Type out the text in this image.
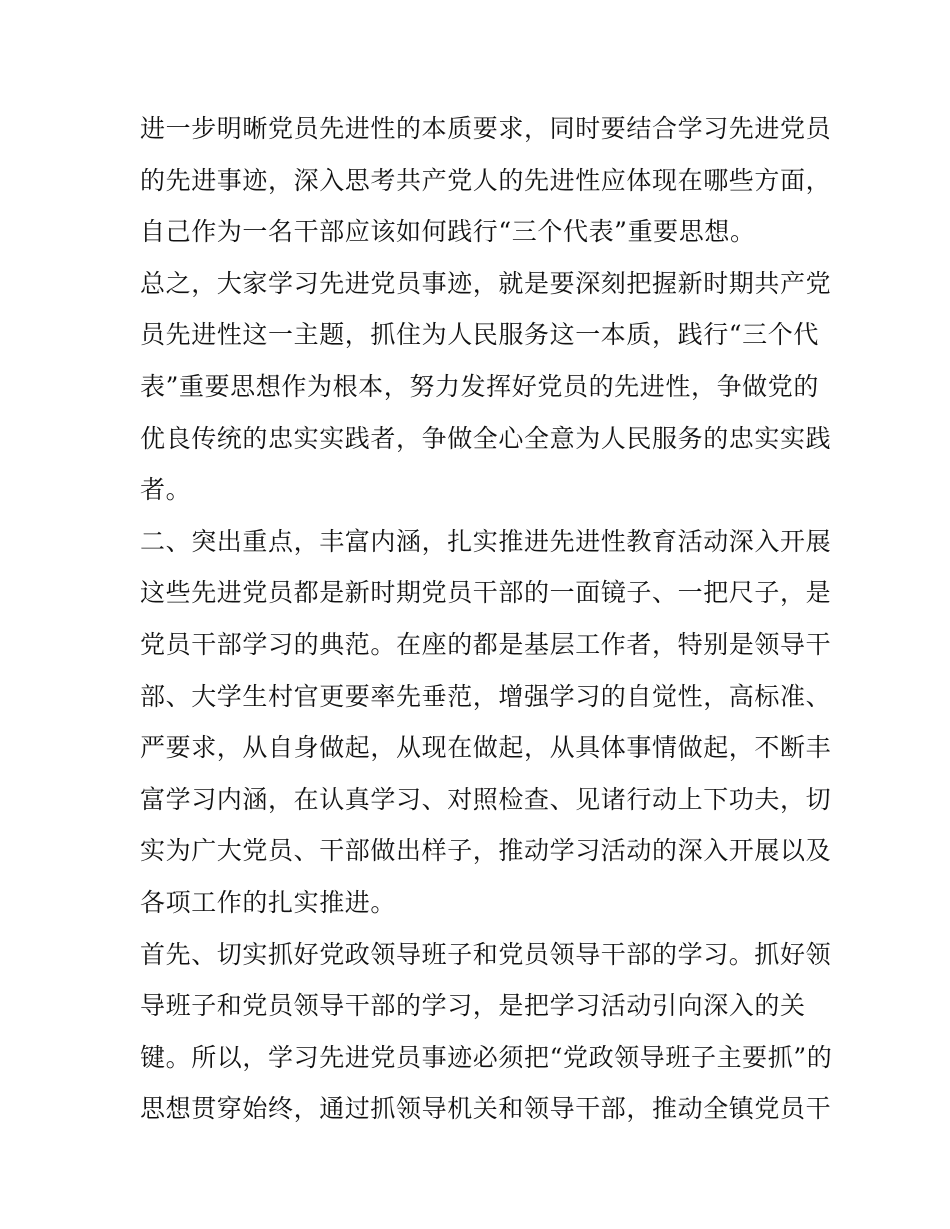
进一步明晰党员先进性的本质要求，同时要结合学习先进党员
的先进事迹，深入思考共产党人的先进性应体现在哪些方面，
自己作为一名干部应该如何践行“三个代表”重要思想。
总之，大家学习先进党员事迹，就是要深刻把握新时期共产党
员先进性这一主题，抓住为人民服务这一本质，践行“三个代
表”重要思想作为根本，努力发挥好党员的先进性，争做党的
优良传统的忠实实践者，争做全心全意为人民服务的忠实实践
者。
二、突出重点，丰富内涵，扎实推进先进性教育活动深入开展
这些先进党员都是新时期党员干部的一面镜子、一把尺子，是
党员干部学习的典范。在座的都是基层工作者，特别是领导干
部、大学生村官更要率先垂范，增强学习的自觉性，高标准、
严要求，从自身做起，从现在做起，从具体事情做起，不断丰
富学习内涵，在认真学习、对照检查、见诸行动上下功夫，切
实为广大党员、干部做出样子，推动学习活动的深入开展以及
各项工作的扎实推进。
首先、切实抓好党政领导班子和党员领导干部的学习。抓好领
导班子和党员领导干部的学习，是把学习活动引向深入的关
键。所以，学习先进党员事迹必须把“党政领导班子主要抓”的
思想贯穿始终，通过抓领导机关和领导干部，推动全镇党员干
